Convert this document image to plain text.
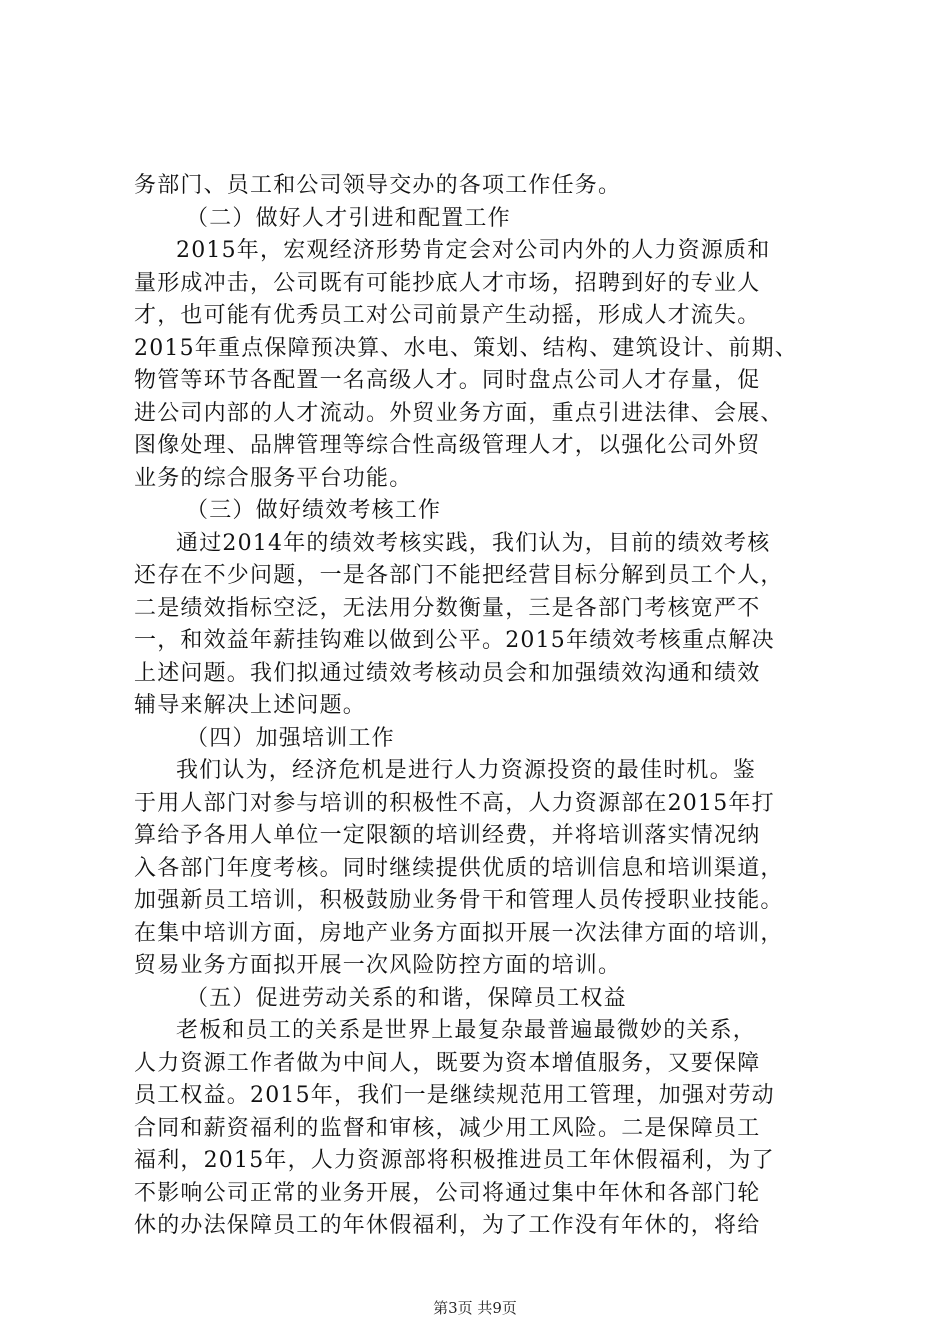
务部门、员工和公司领导交办的各项工作任务。
（二）做好人才引进和配置工作
2015年，宏观经济形势肯定会对公司内外的人力资源质和
量形成冲击，公司既有可能抄底人才市场，招聘到好的专业人
才，也可能有优秀员工对公司前景产生动摇，形成人才流失。
2015年重点保障预决算、水电、策划、结构、建筑设计、前期、
物管等环节各配置一名高级人才。同时盘点公司人才存量，促
进公司内部的人才流动。外贸业务方面，重点引进法律、会展、
图像处理、品牌管理等综合性高级管理人才，以强化公司外贸
业务的综合服务平台功能。
（三）做好绩效考核工作
通过2014年的绩效考核实践，我们认为，目前的绩效考核
还存在不少问题，一是各部门不能把经营目标分解到员工个人，
二是绩效指标空泛，无法用分数衡量，三是各部门考核宽严不
一，和效益年薪挂钩难以做到公平。2015年绩效考核重点解决
上述问题。我们拟通过绩效考核动员会和加强绩效沟通和绩效
辅导来解决上述问题。
（四）加强培训工作
我们认为，经济危机是进行人力资源投资的最佳时机。鉴
于用人部门对参与培训的积极性不高，人力资源部在2015年打
算给予各用人单位一定限额的培训经费，并将培训落实情况纳
入各部门年度考核。同时继续提供优质的培训信息和培训渠道，
加强新员工培训，积极鼓励业务骨干和管理人员传授职业技能。
在集中培训方面，房地产业务方面拟开展一次法律方面的培训，
贸易业务方面拟开展一次风险防控方面的培训。
（五）促进劳动关系的和谐，保障员工权益
老板和员工的关系是世界上最复杂最普遍最微妙的关系，
人力资源工作者做为中间人，既要为资本增值服务，又要保障
员工权益。2015年，我们一是继续规范用工管理，加强对劳动
合同和薪资福利的监督和审核，减少用工风险。二是保障员工
福利，2015年，人力资源部将积极推进员工年休假福利，为了
不影响公司正常的业务开展，公司将通过集中年休和各部门轮
休的办法保障员工的年休假福利，为了工作没有年休的，将给
第3页 共9页
